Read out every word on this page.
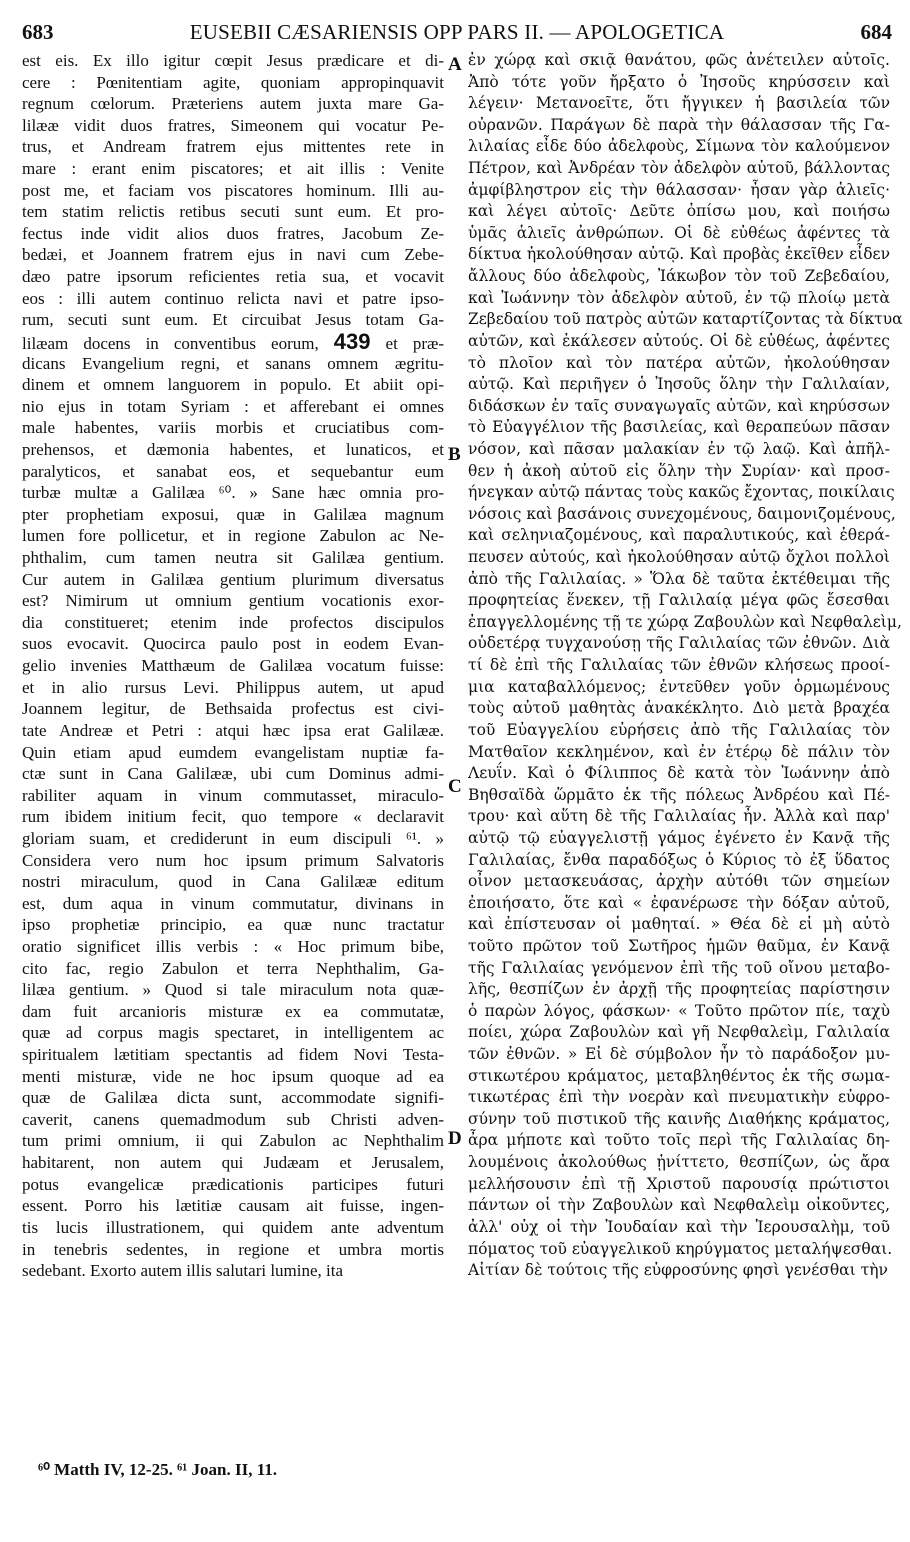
683	EUSEBII CÆSARIENSIS OPP PARS II. — APOLOGETICA	684
est eis. Ex illo igitur cœpit Jesus prædicare et di-
cere : Pœnitentiam agite, quoniam appropinquavit
regnum cœlorum. Præteriens autem juxta mare Ga-
lilææ vidit duos fratres, Simeonem qui vocatur Pe-
trus, et Andream fratrem ejus mittentes rete in
mare : erant enim piscatores; et ait illis : Venite
post me, et faciam vos piscatores hominum. Illi au-
tem statim relictis retibus secuti sunt eum. Et pro-
fectus inde vidit alios duos fratres, Jacobum Ze-
bedæi, et Joannem fratrem ejus in navi cum Zebe-
dæo patre ipsorum reficientes retia sua, et vocavit
eos : illi autem continuo relicta navi et patre ipso-
rum, secuti sunt eum. Et circuibat Jesus totam Ga-
lilæam docens in conventibus eorum, 439 et præ-
dicans Evangelium regni, et sanans omnem ægritu-
dinem et omnem languorem in populo. Et abiit opi-
nio ejus in totam Syriam : et afferebant ei omnes
male habentes, variis morbis et cruciatibus com-
prehensos, et dæmonia habentes, et lunaticos, et
paralyticos, et sanabat eos, et sequebantur eum
turbæ multæ a Galilæa ⁶⁰. » Sane hæc omnia pro-
pter prophetiam exposui, quæ in Galilæa magnum
lumen fore pollicetur, et in regione Zabulon ac Ne-
phthalim, cum tamen neutra sit Galilæa gentium.
Cur autem in Galilæa gentium plurimum diversatus
est? Nimirum ut omnium gentium vocationis exor-
dia constitueret; etenim inde profectos discipulos
suos evocavit. Quocirca paulo post in eodem Evan-
gelio invenies Matthæum de Galilæa vocatum fuisse:
et in alio rursus Levi. Philippus autem, ut apud
Joannem legitur, de Bethsaida profectus est civi-
tate Andreæ et Petri : atqui hæc ipsa erat Galilææ.
Quin etiam apud eumdem evangelistam nuptiæ fa-
ctæ sunt in Cana Galilææ, ubi cum Dominus admi-
rabiliter aquam in vinum commutasset, miraculo-
rum ibidem initium fecit, quo tempore « declaravit
gloriam suam, et crediderunt in eum discipuli ⁶¹. »
Considera vero num hoc ipsum primum Salvatoris
nostri miraculum, quod in Cana Galilææ editum
est, dum aqua in vinum commutatur, divinans in
ipso prophetiæ principio, ea quæ nunc tractatur
oratio significet illis verbis : « Hoc primum bibe,
cito fac, regio Zabulon et terra Nephthalim, Ga-
lilæa gentium. » Quod si tale miraculum nota quæ-
dam fuit arcanioris misturæ ex ea commutatæ,
quæ ad corpus magis spectaret, in intelligentem ac
spiritualem lætitiam spectantis ad fidem Novi Testa-
menti misturæ, vide ne hoc ipsum quoque ad ea
quæ de Galilæa dicta sunt, accommodate signifi-
caverit, canens quemadmodum sub Christi adven-
tum primi omnium, ii qui Zabulon ac Nephthalim
habitarent, non autem qui Judæam et Jerusalem,
potus evangelicæ prædicationis participes futuri
essent. Porro his lætitiæ causam ait fuisse, ingen-
tis lucis illustrationem, qui quidem ante adventum
in tenebris sedentes, in regione et umbra mortis
sedebant. Exorto autem illis salutari lumine, ita
ἐν χώρᾳ καὶ σκιᾷ θανάτου, φῶς ἀνέτειλεν αὐτοῖς.
Ἀπὸ τότε γοῦν ἤρξατο ὁ Ἰησοῦς κηρύσσειν καὶ
λέγειν· Μετανοεῖτε, ὅτι ἤγγικεν ἡ βασιλεία τῶν
οὐρανῶν. Παράγων δὲ παρὰ τὴν θάλασσαν τῆς Γα-
λιλαίας εἶδε δύο ἀδελφοὺς, Σίμωνα τὸν καλούμενον
Πέτρον, καὶ Ἀνδρέαν τὸν ἀδελφὸν αὐτοῦ, βάλλοντας
ἀμφίβληστρον εἰς τὴν θάλασσαν· ἦσαν γὰρ ἁλιεῖς·
καὶ λέγει αὐτοῖς· Δεῦτε ὀπίσω μου, καὶ ποιήσω
ὑμᾶς ἁλιεῖς ἀνθρώπων. Οἱ δὲ εὐθέως ἀφέντες τὰ
δίκτυα ἠκολούθησαν αὐτῷ. Καὶ προβὰς ἐκεῖθεν εἶδεν
ἄλλους δύο ἀδελφοὺς, Ἰάκωβον τὸν τοῦ Ζεβεδαίου,
καὶ Ἰωάννην τὸν ἀδελφὸν αὐτοῦ, ἐν τῷ πλοίῳ μετὰ
Ζεβεδαίου τοῦ πατρὸς αὐτῶν καταρτίζοντας τὰ δίκτυα
αὐτῶν, καὶ ἐκάλεσεν αὐτούς. Οἱ δὲ εὐθέως, ἀφέντες
τὸ πλοῖον καὶ τὸν πατέρα αὐτῶν, ἠκολούθησαν
αὐτῷ. Καὶ περιῆγεν ὁ Ἰησοῦς ὅλην τὴν Γαλιλαίαν,
διδάσκων ἐν ταῖς συναγωγαῖς αὐτῶν, καὶ κηρύσσων
τὸ Εὐαγγέλιον τῆς βασιλείας, καὶ θεραπεύων πᾶσαν
νόσον, καὶ πᾶσαν μαλακίαν ἐν τῷ λαῷ. Καὶ ἀπῆλ-
θεν ἡ ἀκοὴ αὐτοῦ εἰς ὅλην τὴν Συρίαν· καὶ προσ-
ήνεγκαν αὐτῷ πάντας τοὺς κακῶς ἔχοντας, ποικίλαις
νόσοις καὶ βασάνοις συνεχομένους, δαιμονιζομένους,
καὶ σεληνιαζομένους, καὶ παραλυτικούς, καὶ ἐθερά-
πευσεν αὐτούς, καὶ ἠκολούθησαν αὐτῷ ὄχλοι πολλοὶ
ἀπὸ τῆς Γαλιλαίας. » Ὅλα δὲ ταῦτα ἐκτέθειμαι τῆς
προφητείας ἕνεκεν, τῇ Γαλιλαίᾳ μέγα φῶς ἔσεσθαι
ἐπαγγελλομένης τῇ τε χώρᾳ Ζαβουλὼν καὶ Νεφθαλεὶμ,
οὐδετέρᾳ τυγχανούσῃ τῆς Γαλιλαίας τῶν ἐθνῶν. Διὰ
τί δὲ ἐπὶ τῆς Γαλιλαίας τῶν ἐθνῶν κλήσεως προοί-
μια καταβαλλόμενος; ἐντεῦθεν γοῦν ὁρμωμένους
τοὺς αὐτοῦ μαθητὰς ἀνακέκλητο. Διὸ μετὰ βραχέα
τοῦ Εὐαγγελίου εὑρήσεις ἀπὸ τῆς Γαλιλαίας τὸν
Ματθαῖον κεκλημένον, καὶ ἐν ἑτέρῳ δὲ πάλιν τὸν
Λευΐν. Καὶ ὁ Φίλιππος δὲ κατὰ τὸν Ἰωάννην ἀπὸ
Βηθσαϊδὰ ὥρμᾶτο ἐκ τῆς πόλεως Ἀνδρέου καὶ Πέ-
τρου· καὶ αὕτη δὲ τῆς Γαλιλαίας ἦν. Ἀλλὰ καὶ παρ'
αὐτῷ τῷ εὐαγγελιστῇ γάμος ἐγένετο ἐν Κανᾷ τῆς
Γαλιλαίας, ἔνθα παραδόξως ὁ Κύριος τὸ ἐξ ὕδατος
οἶνον μετασκευάσας, ἀρχὴν αὐτόθι τῶν σημείων
ἐποιήσατο, ὅτε καὶ « ἐφανέρωσε τὴν δόξαν αὐτοῦ,
καὶ ἐπίστευσαν οἱ μαθηταί. » Θέα δὲ εἰ μὴ αὐτὸ
τοῦτο πρῶτον τοῦ Σωτῆρος ἡμῶν θαῦμα, ἐν Κανᾷ
τῆς Γαλιλαίας γενόμενον ἐπὶ τῆς τοῦ οἴνου μεταβο-
λῆς, θεσπίζων ἐν ἀρχῇ τῆς προφητείας παρίστησιν
ὁ παρὼν λόγος, φάσκων· « Τοῦτο πρῶτον πίε, ταχὺ
ποίει, χώρα Ζαβουλὼν καὶ γῆ Νεφθαλεὶμ, Γαλιλαία
τῶν ἐθνῶν. » Εἰ δὲ σύμβολον ἦν τὸ παράδοξον μυ-
στικωτέρου κράματος, μεταβληθέντος ἐκ τῆς σωμα-
τικωτέρας ἐπὶ τὴν νοερὰν καὶ πνευματικὴν εὐφρο-
σύνην τοῦ πιστικοῦ τῆς καινῆς Διαθήκης κράματος,
ἆρα μήποτε καὶ τοῦτο τοῖς περὶ τῆς Γαλιλαίας δη-
λουμένοις ἀκολούθως ᾐνίττετο, θεσπίζων, ὡς ἄρα
μελλήσουσιν ἐπὶ τῇ Χριστοῦ παρουσίᾳ πρώτιστοι
πάντων οἱ τὴν Ζαβουλὼν καὶ Νεφθαλεὶμ οἰκοῦντες,
ἀλλ' οὐχ οἱ τὴν Ἰουδαίαν καὶ τὴν Ἱερουσαλὴμ, τοῦ
πόματος τοῦ εὐαγγελικοῦ κηρύγματος μεταλήψεσθαι.
Αἰτίαν δὲ τούτοις τῆς εὐφροσύνης φησὶ γενέσθαι τὴν
A
B
C
D
⁶⁰ Matth IV, 12-25. ⁶¹ Joan. II, 11.
